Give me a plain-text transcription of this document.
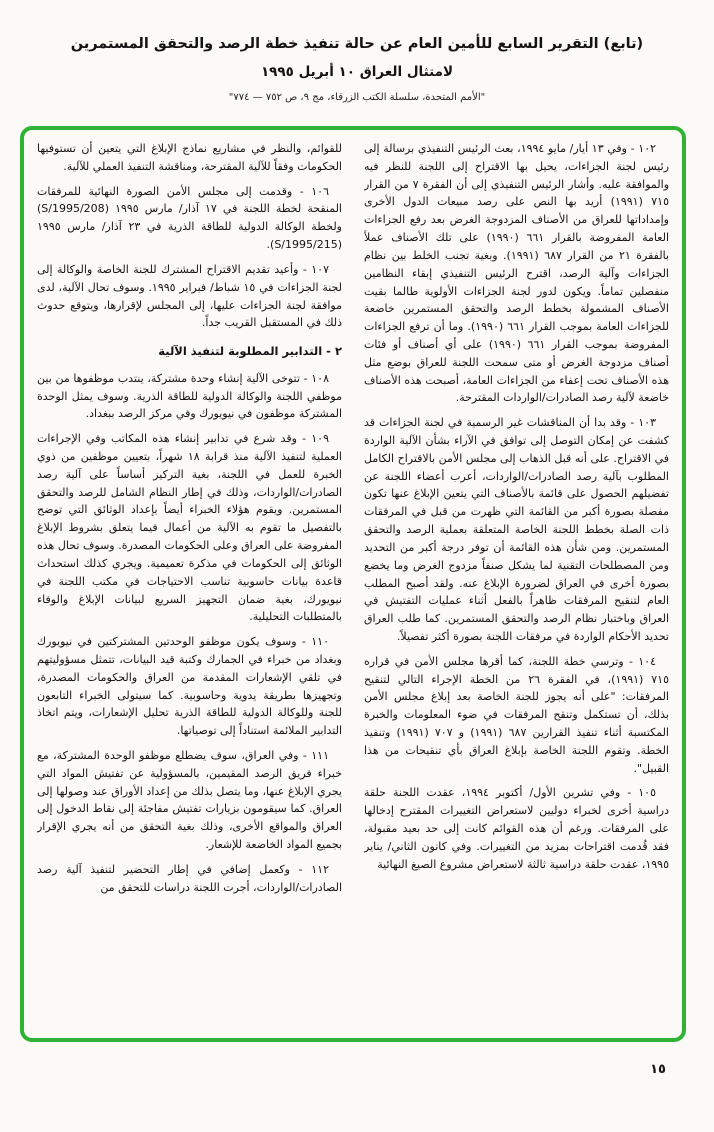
(تابع) التقرير السابع للأمين العام عن حالة تنفيذ خطة الرصد والتحقق المستمرين
لامتثال العراق ١٠ أبريل ١٩٩٥
"الأمم المتحدة، سلسلة الكتب الزرقاء، مج ٩، ص ٧٥٢ — ٧٧٤"

١٠٢ - وفي ١٣ أيار/ مايو ١٩٩٤، بعث الرئيس التنفيذي برسالة إلى رئيس لجنة الجزاءات، يحيل بها الاقتراح إلى اللجنة للنظر فيه والموافقة عليه. وأشار الرئيس التنفيذي إلى أن الفقرة ٧ من القرار ٧١٥ (١٩٩١) أريد بها النص على رصد مبيعات الدول الأخرى وإمداداتها للعراق من الأصناف المزدوجة الغرض بعد رفع الجزاءات العامة المفروضة بالقرار ٦٦١ (١٩٩٠) على تلك الأصناف عملاً بالفقرة ٢١ من القرار ٦٨٧ (١٩٩١). وبغية تجنب الخلط بين نظام الجزاءات وآلية الرصد، اقترح الرئيس التنفيذي إبقاء النظامين منفصلين تماماً. ويكون لدور لجنة الجزاءات الأولوية طالما بقيت الأصناف المشمولة بخطط الرصد والتحقق المستمرين خاضعة للجزاءات العامة بموجب القرار ٦٦١ (١٩٩٠). وما أن ترفع الجزاءات المفروضة بموجب القرار ٦٦١ (١٩٩٠) على أي أصناف أو فئات أصناف مزدوجة الغرض أو متى سمحت اللجنة للعراق بوضع مثل هذه الأصناف تحت إعفاء من الجزاءات العامة، أصبحت هذه الأصناف خاضعة لآلية رصد الصادرات/الواردات المقترحة.

١٠٣ - وقد بدا أن المناقشات غير الرسمية في لجنة الجزاءات قد كشفت عن إمكان التوصل إلى توافق في الآراء بشأن الآلية الواردة في الاقتراح. على أنه قبل الذهاب إلى مجلس الأمن بالاقتراح الكامل المطلوب بآلية رصد الصادرات/الواردات، أعرب أعضاء اللجنة عن تفضيلهم الحصول على قائمة بالأصناف التي يتعين الإبلاغ عنها تكون مفصلة بصورة أكبر من القائمة التي ظهرت من قبل في المرفقات ذات الصلة بخطط اللجنة الخاصة المتعلقة بعملية الرصد والتحقق المستمرين. ومن شأن هذه القائمة أن توفر درجة أكبر من التحديد ومن المصطلحات التقنية لما يشكل صنفاً مزدوج الغرض وما يخضع بصورة أخرى في العراق لضرورة الإبلاغ عنه. ولقد أصبح المطلب العام لتنقيح المرفقات ظاهراً بالفعل أثناء عمليات التفتيش في العراق وباختبار نظام الرصد والتحقق المستمرين. كما طلب العراق تحديد الأحكام الواردة في مرفقات اللجنة بصورة أكثر تفصيلاً.

١٠٤ - وترسي خطة اللجنة، كما أقرها مجلس الأمن في قراره ٧١٥ (١٩٩١)، في الفقرة ٢٦ من الخطة الإجراء التالي لتنقيح المرفقات: "على أنه يجوز للجنة الخاصة بعد إبلاغ مجلس الأمن بذلك، أن تستكمل وتنقح المرفقات في ضوء المعلومات والخبرة المكتسبة أثناء تنفيذ القرارين ٦٨٧ (١٩٩١) و ٧٠٧ (١٩٩١) وتنفيذ الخطة. وتقوم اللجنة الخاصة بإبلاغ العراق بأي تنقيحات من هذا القبيل".

١٠٥ - وفي تشرين الأول/ أكتوبر ١٩٩٤، عقدت اللجنة حلقة دراسية أخرى لخبراء دوليين لاستعراض التغييرات المقترح إدخالها على المرفقات. ورغم أن هذه القوائم كانت إلى حد بعيد مقبولة، فقد قُدمت اقتراحات بمزيد من التغييرات. وفي كانون الثاني/ يناير ١٩٩٥، عقدت حلقة دراسية ثالثة لاستعراض مشروع الصيغ النهائية

للقوائم، والنظر في مشاريع نماذج الإبلاغ التي يتعين أن تستوفيها الحكومات وفقاً للآلية المقترحة، ومناقشة التنفيذ العملي للآلية.

١٠٦ - وقدمت إلى مجلس الأمن الصورة النهائية للمرفقات المنقحة لخطة اللجنة في ١٧ آذار/ مارس ١٩٩٥ (S/1995/208) ولخطة الوكالة الدولية للطاقة الذرية في ٢٣ آذار/ مارس ١٩٩٥ (S/1995/215).

١٠٧ - وأعيد تقديم الاقتراح المشترك للجنة الخاصة والوكالة إلى لجنة الجزاءات في ١٥ شباط/ فبراير ١٩٩٥. وسوف تحال الآلية، لدى موافقة لجنة الجزاءات عليها، إلى المجلس لإقرارها، ويتوقع حدوث ذلك في المستقبل القريب جداً.

٢ - التدابير المطلوبة لتنفيذ الآلية

١٠٨ - تتوخى الآلية إنشاء وحدة مشتركة، ينتدب موظفوها من بين موظفي اللجنة والوكالة الدولية للطاقة الذرية. وسوف يمثل الوحدة المشتركة موظفون في نيويورك وفي مركز الرصد ببغداد.

١٠٩ - وقد شرع في تدابير إنشاء هذه المكاتب وفي الإجراءات العملية لتنفيذ الآلية منذ قرابة ١٨ شهراً، بتعيين موظفين من ذوي الخبرة للعمل في اللجنة، بغية التركيز أساساً على آلية رصد الصادرات/الواردات، وذلك في إطار النظام الشامل للرصد والتحقق المستمرين. ويقوم هؤلاء الخبراء أيضاً بإعداد الوثائق التي توضح بالتفصيل ما تقوم به الآلية من أعمال فيما يتعلق بشروط الإبلاغ المفروضة على العراق وعلى الحكومات المصدرة. وسوف تحال هذه الوثائق إلى الحكومات في مذكرة تعميمية. ويجري كذلك استحداث قاعدة بيانات حاسوبية تناسب الاحتياجات في مكتب اللجنة في نيويورك، بغية ضمان التجهيز السريع لبيانات الإبلاغ والوفاء بالمتطلبات التحليلية.

١١٠ - وسوف يكون موظفو الوحدتين المشتركتين في نيويورك وبغداد من خبراء في الجمارك وكتبة قيد البيانات، تتمثل مسؤوليتهم في تلقي الإشعارات المقدمة من العراق والحكومات المصدرة، وتجهيزها بطريقة يدوية وحاسوبية. كما سيتولى الخبراء التابعون للجنة وللوكالة الدولية للطاقة الذرية تحليل الإشعارات، ويتم اتخاذ التدابير الملائمة استناداً إلى توصياتها.

١١١ - وفي العراق، سوف يضطلع موظفو الوحدة المشتركة، مع خبراء فريق الرصد المقيمين، بالمسؤولية عن تفتيش المواد التي يجري الإبلاغ عنها، وما يتصل بذلك من إعداد الأوراق عند وصولها إلى العراق. كما سيقومون بزيارات تفتيش مفاجئة إلى نقاط الدخول إلى العراق والمواقع الأخرى، وذلك بغية التحقق من أنه يجري الإقرار بجميع المواد الخاضعة للإشعار.

١١٢ - وكعمل إضافي في إطار التحضير لتنفيذ آلية رصد الصادرات/الواردات، أجرت اللجنة دراسات للتحقق من

١٥
